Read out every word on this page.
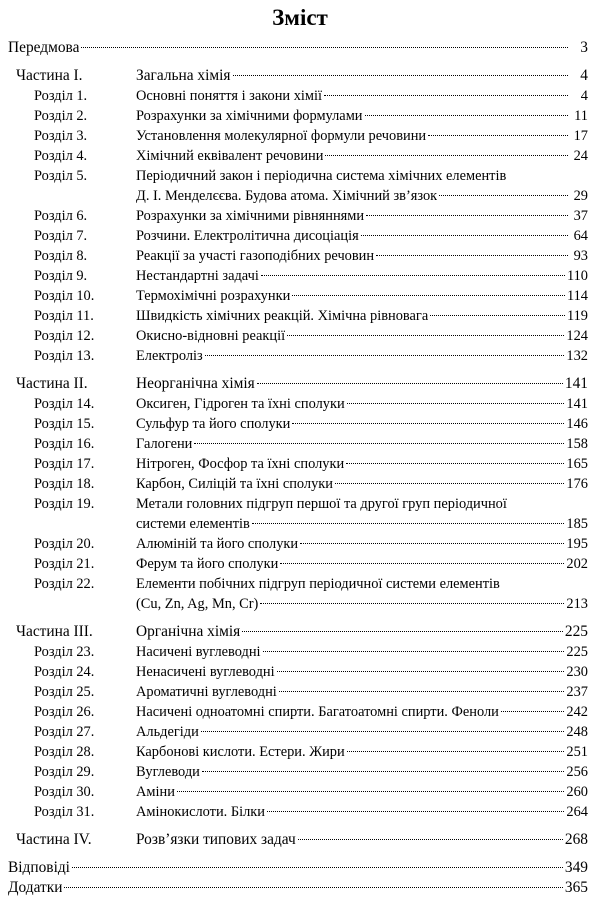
Зміст
Передмова	3
Частина I.	Загальна хімія	4
Розділ 1.	Основні поняття і закони хімії	4
Розділ 2.	Розрахунки за хімічними формулами	11
Розділ 3.	Установлення молекулярної формули речовини	17
Розділ 4.	Хімічний еквівалент речовини	24
Розділ 5.	Періодичний закон і періодична система хімічних елементів
Д. І. Менделєєва. Будова атома. Хімічний зв’язок	29
Розділ 6.	Розрахунки за хімічними рівняннями	37
Розділ 7.	Розчини. Електролітична дисоціація	64
Розділ 8.	Реакції за участі газоподібних речовин	93
Розділ 9.	Нестандартні задачі	110
Розділ 10.	Термохімічні розрахунки	114
Розділ 11.	Швидкість хімічних реакцій. Хімічна рівновага	119
Розділ 12.	Окисно-відновні реакції	124
Розділ 13.	Електроліз	132
Частина II.	Неорганічна хімія	141
Розділ 14.	Оксиген, Гідроген та їхні сполуки	141
Розділ 15.	Сульфур та його сполуки	146
Розділ 16.	Галогени	158
Розділ 17.	Нітроген, Фосфор та їхні сполуки	165
Розділ 18.	Карбон, Силіцій та їхні сполуки	176
Розділ 19.	Метали головних підгруп першої та другої груп періодичної
системи елементів	185
Розділ 20.	Алюміній та його сполуки	195
Розділ 21.	Ферум та його сполуки	202
Розділ 22.	Елементи побічних підгруп періодичної системи елементів
(Cu, Zn, Ag, Mn, Cr)	213
Частина III.	Органічна хімія	225
Розділ 23.	Насичені вуглеводні	225
Розділ 24.	Ненасичені вуглеводні	230
Розділ 25.	Ароматичні вуглеводні	237
Розділ 26.	Насичені одноатомні спирти. Багатоатомні спирти. Феноли	242
Розділ 27.	Альдегіди	248
Розділ 28.	Карбонові кислоти. Естери. Жири	251
Розділ 29.	Вуглеводи	256
Розділ 30.	Аміни	260
Розділ 31.	Амінокислоти. Білки	264
Частина IV.	Розв’язки типових задач	268
Відповіді	349
Додатки	365
